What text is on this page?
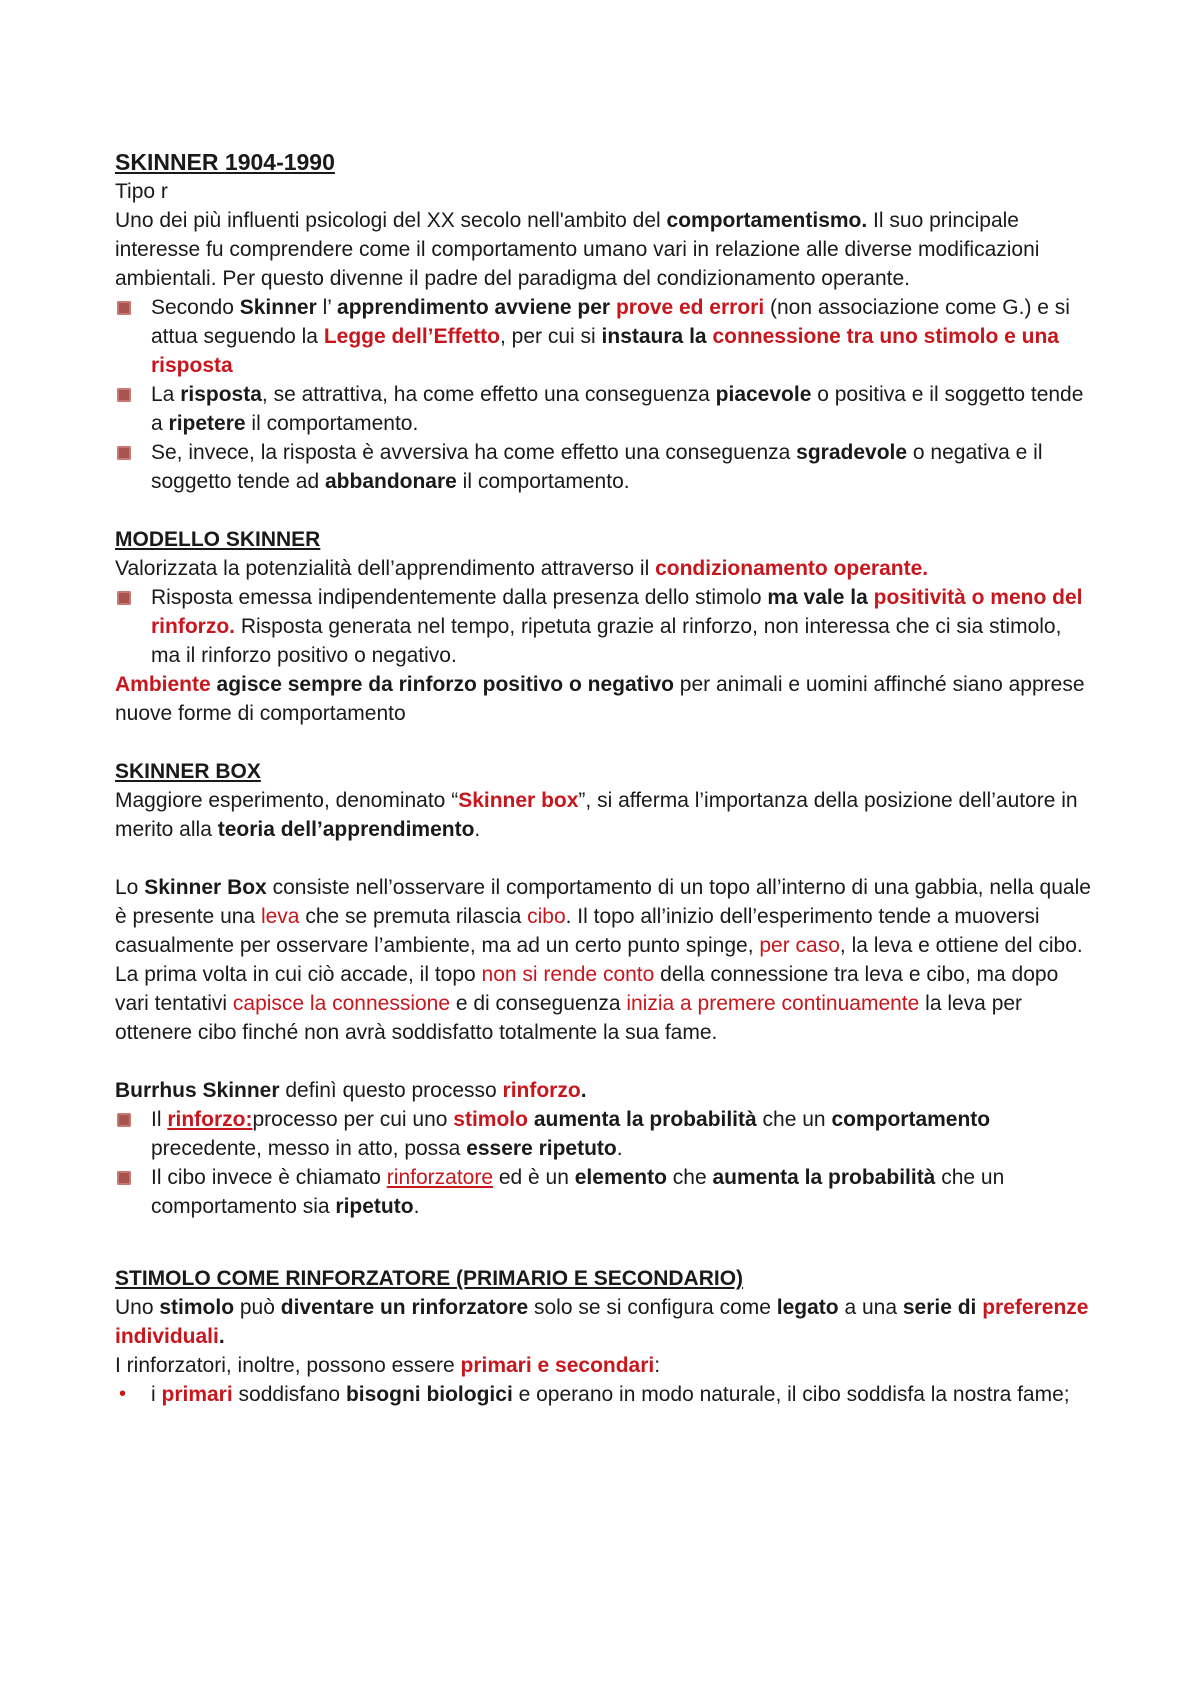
SKINNER 1904-1990

Tipo r

Uno dei più influenti psicologi del XX secolo nell'ambito del comportamentismo. Il suo principale interesse fu comprendere come il comportamento umano vari in relazione alle diverse modificazioni ambientali. Per questo divenne il padre del paradigma del condizionamento operante.

Secondo Skinner l’ apprendimento avviene per prove ed errori (non associazione come G.) e si attua seguendo la Legge dell’Effetto, per cui si instaura la connessione tra uno stimolo e una risposta
La risposta, se attrattiva, ha come effetto una conseguenza piacevole o positiva e il soggetto tende a ripetere il comportamento.
Se, invece, la risposta è avversiva ha come effetto una conseguenza sgradevole o negativa e il soggetto tende ad abbandonare il comportamento.

MODELLO SKINNER

Valorizzata la potenzialità dell’apprendimento attraverso il condizionamento operante.

Risposta emessa indipendentemente dalla presenza dello stimolo ma vale la positività o meno del rinforzo. Risposta generata nel tempo, ripetuta grazie al rinforzo, non interessa che ci sia stimolo, ma il rinforzo positivo o negativo.

Ambiente agisce sempre da rinforzo positivo o negativo per animali e uomini affinché siano apprese nuove forme di comportamento

SKINNER BOX

Maggiore esperimento, denominato “Skinner box”, si afferma l’importanza della posizione dell’autore in merito alla teoria dell’apprendimento.

Lo Skinner Box consiste nell’osservare il comportamento di un topo all’interno di una gabbia, nella quale è presente una leva che se premuta rilascia cibo. Il topo all’inizio dell’esperimento tende a muoversi casualmente per osservare l’ambiente, ma ad un certo punto spinge, per caso, la leva e ottiene del cibo. La prima volta in cui ciò accade, il topo non si rende conto della connessione tra leva e cibo, ma dopo vari tentativi capisce la connessione e di conseguenza inizia a premere continuamente la leva per ottenere cibo finché non avrà soddisfatto totalmente la sua fame.

Burrhus Skinner definì questo processo rinforzo.

Il rinforzo:processo per cui uno stimolo aumenta la probabilità che un comportamento precedente, messo in atto, possa essere ripetuto.
Il cibo invece è chiamato rinforzatore ed è un elemento che aumenta la probabilità che un comportamento sia ripetuto.

STIMOLO COME RINFORZATORE (PRIMARIO E SECONDARIO)

Uno stimolo può diventare un rinforzatore solo se si configura come legato a una serie di preferenze individuali.

I rinforzatori, inoltre, possono essere primari e secondari:

• i primari soddisfano bisogni biologici e operano in modo naturale, il cibo soddisfa la nostra fame;
